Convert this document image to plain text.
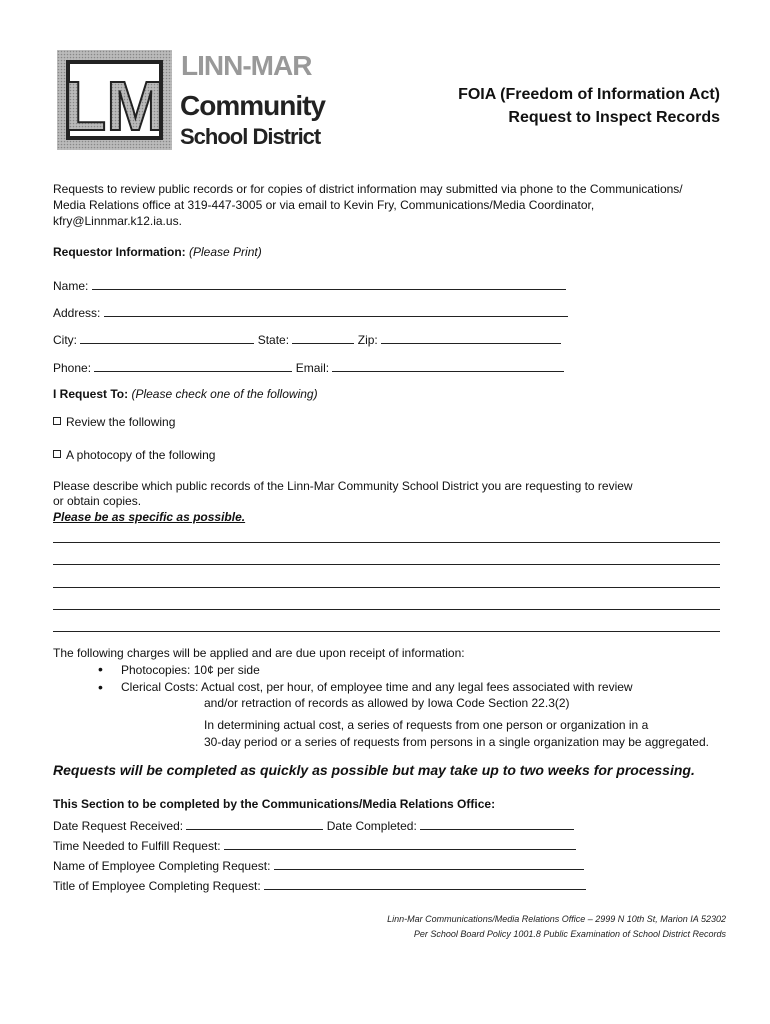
LM
LINN-MAR
Community
School District
FOIA (Freedom of Information Act)
Request to Inspect Records
Requests to review public records or for copies of district information may submitted via phone to the Communications/
Media Relations office at 319-447-3005 or via email to Kevin Fry, Communications/Media Coordinator,
kfry@Linnmar.k12.ia.us.
Requestor Information: (Please Print)
Name:
Address:
City:	State:	Zip:
Phone:	Email:
I Request To: (Please check one of the following)
Review the following
A photocopy of the following
Please describe which public records of the Linn-Mar Community School District you are requesting to review
or obtain copies.
Please be as specific as possible.
The following charges will be applied and are due upon receipt of information:
• Photocopies: 10¢ per side
• Clerical Costs: Actual cost, per hour, of employee time and any legal fees associated with review
and/or retraction of records as allowed by Iowa Code Section 22.3(2)
In determining actual cost, a series of requests from one person or organization in a
30-day period or a series of requests from persons in a single organization may be aggregated.
Requests will be completed as quickly as possible but may take up to two weeks for processing.
This Section to be completed by the Communications/Media Relations Office:
Date Request Received:	Date Completed:
Time Needed to Fulfill Request:
Name of Employee Completing Request:
Title of Employee Completing Request:
Linn-Mar Communications/Media Relations Office – 2999 N 10th St, Marion IA 52302
Per School Board Policy 1001.8 Public Examination of School District Records
